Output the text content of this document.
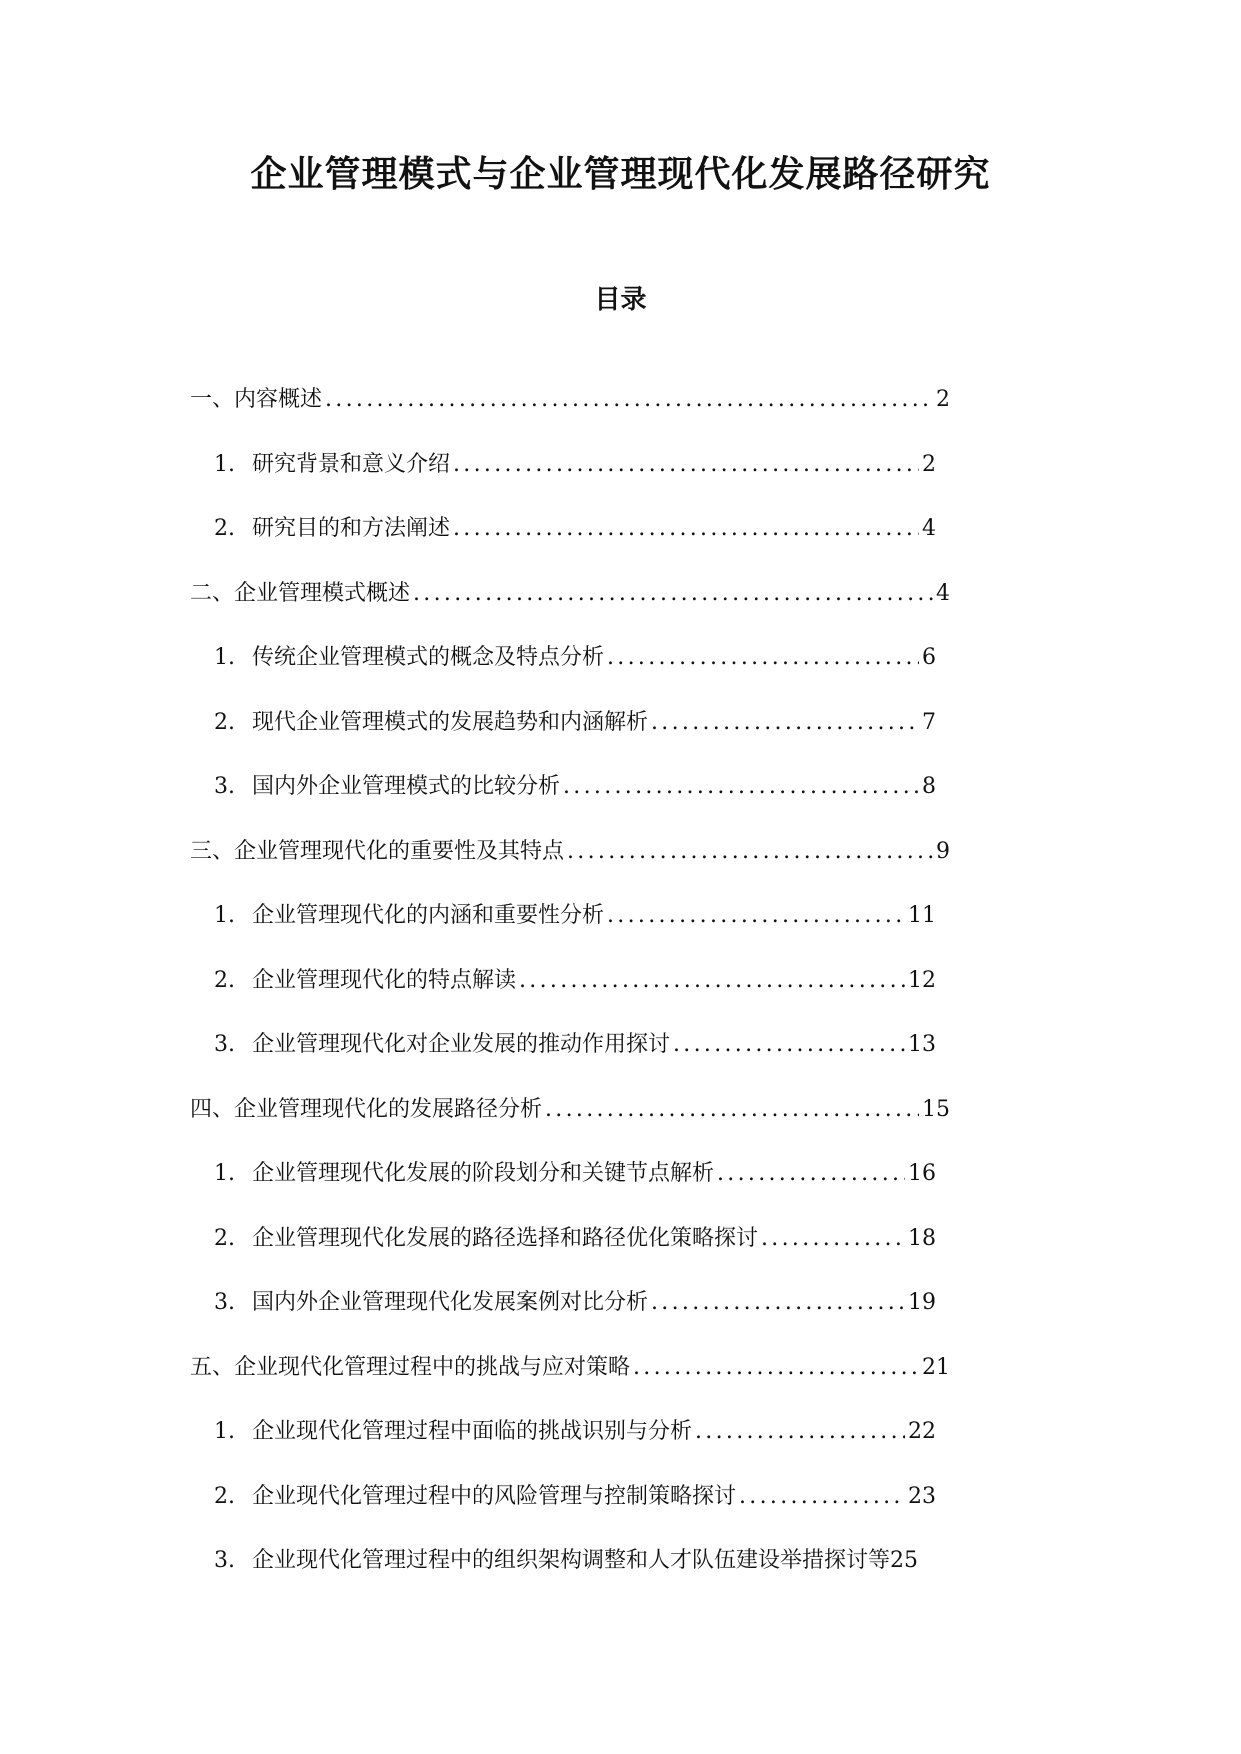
企业管理模式与企业管理现代化发展路径研究
目录
一、内容概述 .....	2
1. 研究背景和意义介绍 .....	2
2. 研究目的和方法阐述 .....	4
二、企业管理模式概述 .....	4
1. 传统企业管理模式的概念及特点分析 .....	6
2. 现代企业管理模式的发展趋势和内涵解析 .....	7
3. 国内外企业管理模式的比较分析 .....	8
三、企业管理现代化的重要性及其特点 .....	9
1. 企业管理现代化的内涵和重要性分析 .....	11
2. 企业管理现代化的特点解读 .....	12
3. 企业管理现代化对企业发展的推动作用探讨 .....	13
四、企业管理现代化的发展路径分析 .....	15
1. 企业管理现代化发展的阶段划分和关键节点解析 .....	16
2. 企业管理现代化发展的路径选择和路径优化策略探讨 .....	18
3. 国内外企业管理现代化发展案例对比分析 .....	19
五、企业现代化管理过程中的挑战与应对策略 .....	21
1. 企业现代化管理过程中面临的挑战识别与分析 .....	22
2. 企业现代化管理过程中的风险管理与控制策略探讨 .....	23
3. 企业现代化管理过程中的组织架构调整和人才队伍建设举措探讨等 25
